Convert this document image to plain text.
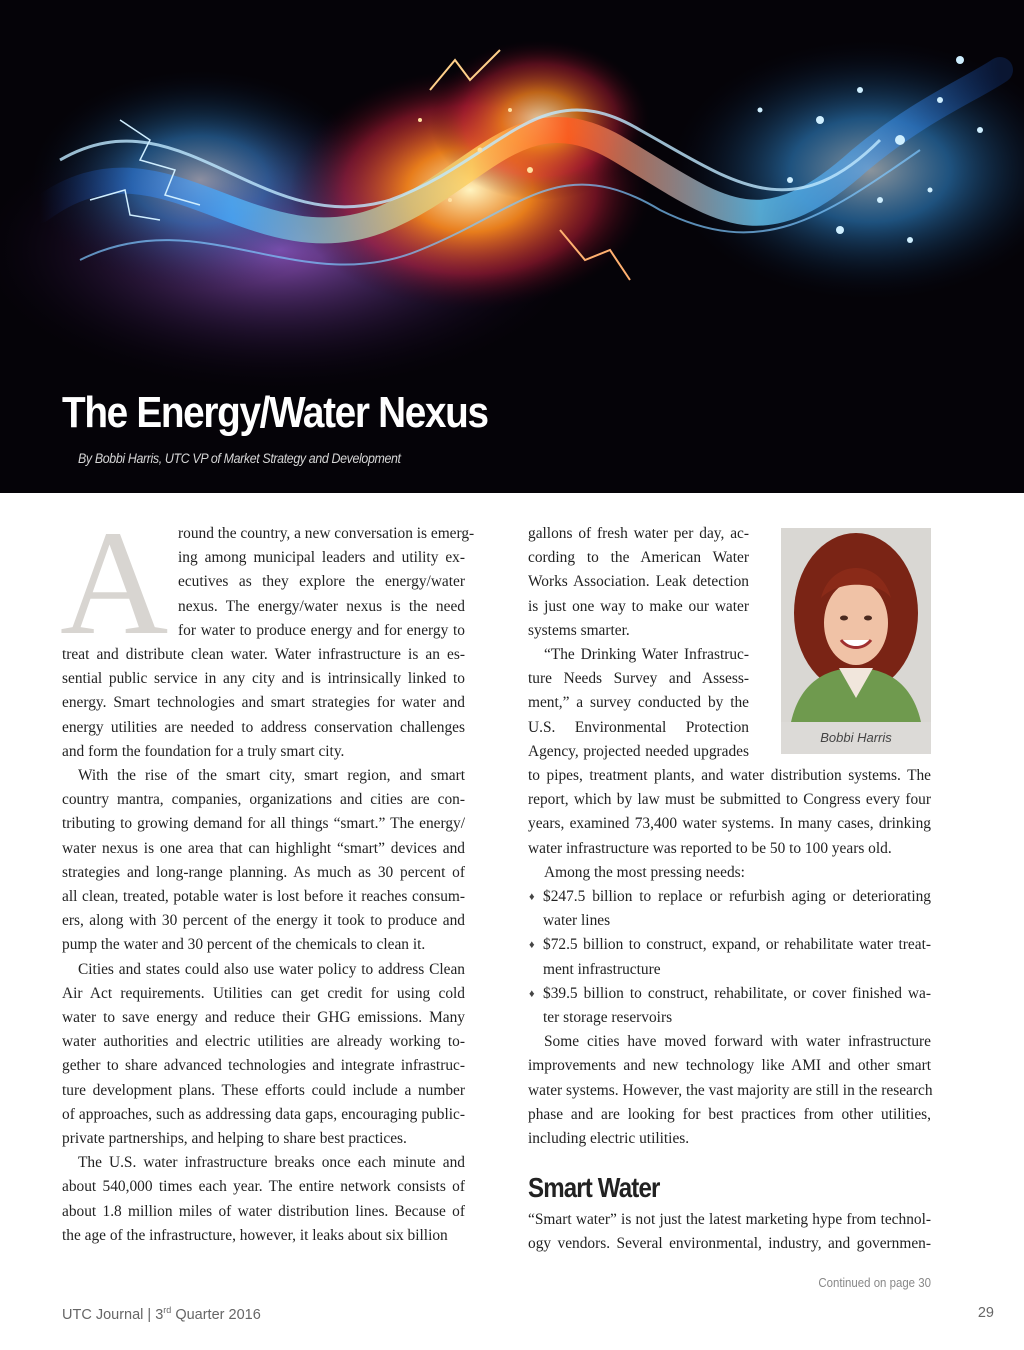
The Energy/Water Nexus

By Bobbi Harris, UTC VP of Market Strategy and Development

A round the country, a new conversation is emerg-

ing among municipal leaders and utility ex-

ecutives as they explore the energy/water

nexus. The energy/water nexus is the need

for water to produce energy and for energy to

treat and distribute clean water. Water infrastructure is an es-

sential public service in any city and is intrinsically linked to

energy. Smart technologies and smart strategies for water and

energy utilities are needed to address conservation challenges

and form the foundation for a truly smart city.

With the rise of the smart city, smart region, and smart

country mantra, companies, organizations and cities are con-

tributing to growing demand for all things “smart.” The energy/

water nexus is one area that can highlight “smart” devices and

strategies and long-range planning. As much as 30 percent of

all clean, treated, potable water is lost before it reaches consum-

ers, along with 30 percent of the energy it took to produce and

pump the water and 30 percent of the chemicals to clean it.

Cities and states could also use water policy to address Clean

Air Act requirements. Utilities can get credit for using cold

water to save energy and reduce their GHG emissions. Many

water authorities and electric utilities are already working to-

gether to share advanced technologies and integrate infrastruc-

ture development plans. These efforts could include a number

of approaches, such as addressing data gaps, encouraging public-

private partnerships, and helping to share best practices.

The U.S. water infrastructure breaks once each minute and

about 540,000 times each year. The entire network consists of

about 1.8 million miles of water distribution lines. Because of

the age of the infrastructure, however, it leaks about six billion

gallons of fresh water per day, ac-

cording to the American Water

Works Association. Leak detection

is just one way to make our water

systems smarter.

“The Drinking Water Infrastruc-

ture Needs Survey and Assess-

ment,” a survey conducted by the

U.S. Environmental Protection

Agency, projected needed upgrades

to pipes, treatment plants, and water distribution systems. The

report, which by law must be submitted to Congress every four

years, examined 73,400 water systems. In many cases, drinking

water infrastructure was reported to be 50 to 100 years old.

Among the most pressing needs:

♦ $247.5 billion to replace or refurbish aging or deteriorating

water lines

♦ $72.5 billion to construct, expand, or rehabilitate water treat-

ment infrastructure

♦ $39.5 billion to construct, rehabilitate, or cover finished wa-

ter storage reservoirs

Some cities have moved forward with water infrastructure

improvements and new technology like AMI and other smart

water systems. However, the vast majority are still in the research

phase and are looking for best practices from other utilities,

including electric utilities.

“Smart water” is not just the latest marketing hype from technol-

ogy vendors. Several environmental, industry, and governmen-

Bobbi Harris
Smart Water
Continued on page 30
UTC Journal | 3rd Quarter 2016	29
